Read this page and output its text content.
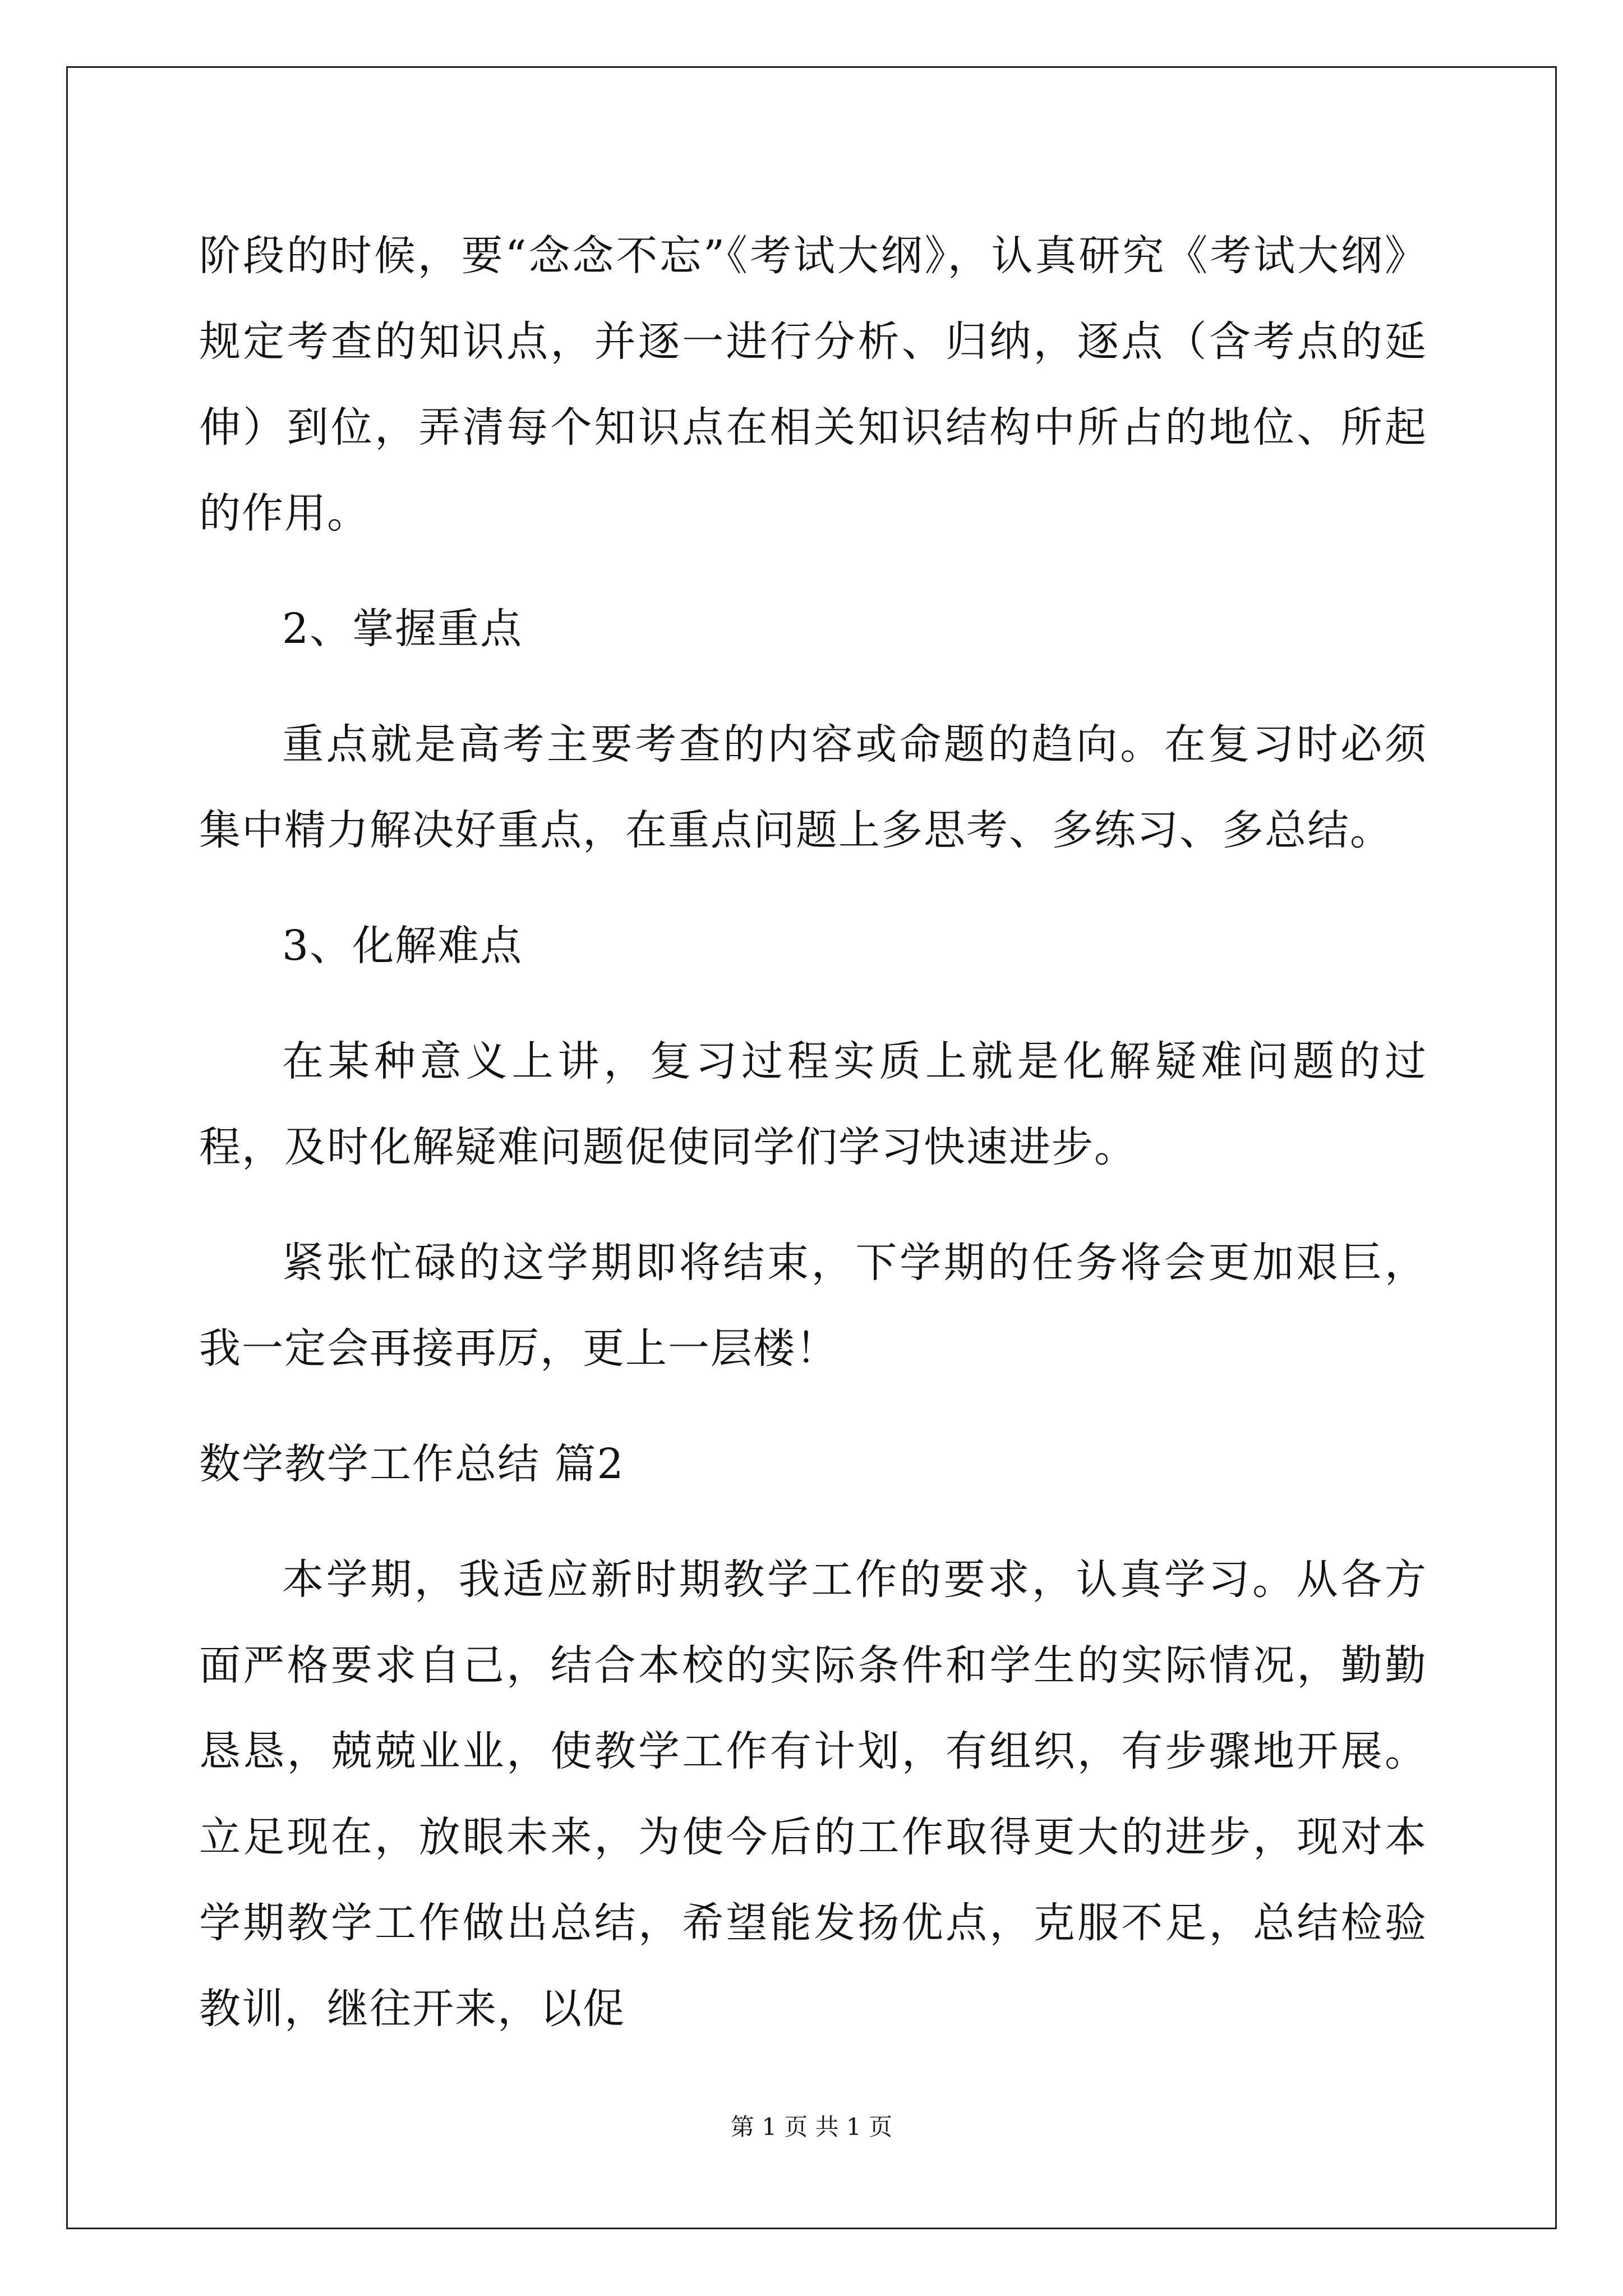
阶段的时候，要“念念不忘”《考试大纲》，认真研究《考试大纲》规定考查的知识点，并逐一进行分析、归纳，逐点（含考点的延伸）到位，弄清每个知识点在相关知识结构中所占的地位、所起的作用。

2、掌握重点

重点就是高考主要考查的内容或命题的趋向。在复习时必须集中精力解决好重点，在重点问题上多思考、多练习、多总结。

3、化解难点

在某种意义上讲，复习过程实质上就是化解疑难问题的过程，及时化解疑难问题促使同学们学习快速进步。

紧张忙碌的这学期即将结束，下学期的任务将会更加艰巨，我一定会再接再厉，更上一层楼！

数学教学工作总结 篇2

本学期，我适应新时期教学工作的要求，认真学习。从各方面严格要求自己，结合本校的实际条件和学生的实际情况，勤勤恳恳，兢兢业业，使教学工作有计划，有组织，有步骤地开展。立足现在，放眼未来，为使今后的工作取得更大的进步，现对本学期教学工作做出总结，希望能发扬优点，克服不足，总结检验教训，继往开来，以促

第 1 页 共 1 页
